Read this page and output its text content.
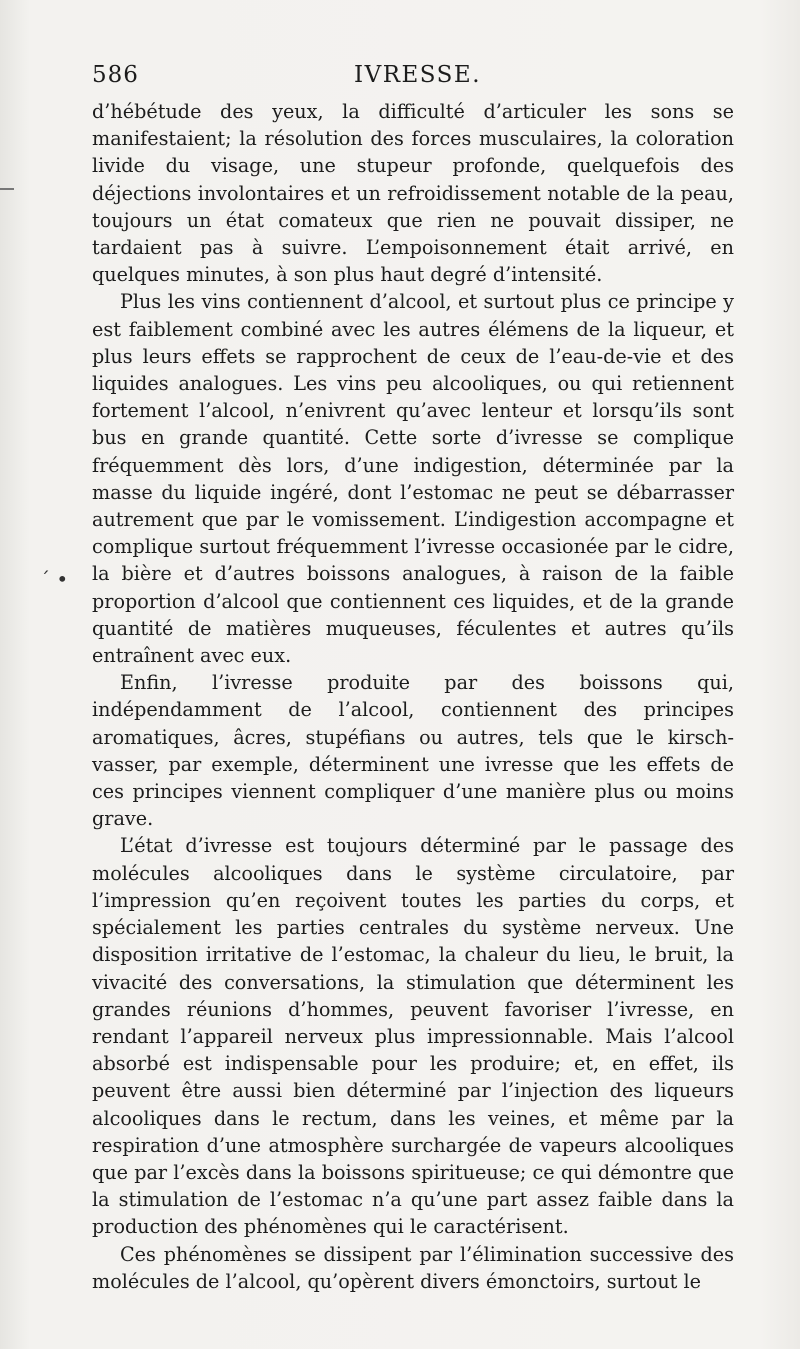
ˊ •
586	IVRESSE.

d’hébétude des yeux, la difficulté d’articuler les sons se manifestaient; la résolution des forces musculaires, la coloration livide du visage, une stupeur profonde, quelquefois des déjections involontaires et un refroidissement notable de la peau, toujours un état comateux que rien ne pouvait dissiper, ne tardaient pas à suivre. L’empoisonnement était arrivé, en quelques minutes, à son plus haut degré d’intensité.

Plus les vins contiennent d’alcool, et surtout plus ce principe y est faiblement combiné avec les autres élémens de la liqueur, et plus leurs effets se rapprochent de ceux de l’eau-de-vie et des liquides analogues. Les vins peu alcooliques, ou qui retiennent fortement l’alcool, n’enivrent qu’avec lenteur et lorsqu’ils sont bus en grande quantité. Cette sorte d’ivresse se complique fréquemment dès lors, d’une indigestion, déterminée par la masse du liquide ingéré, dont l’estomac ne peut se débarrasser autrement que par le vomissement. L’indigestion accompagne et complique surtout fréquemment l’ivresse occasionée par le cidre, la bière et d’autres boissons analogues, à raison de la faible proportion d’alcool que contiennent ces liquides, et de la grande quantité de matières muqueuses, féculentes et autres qu’ils entraînent avec eux.

Enfin, l’ivresse produite par des boissons qui, indépendamment de l’alcool, contiennent des principes aromatiques, âcres, stupéfians ou autres, tels que le kirsch-vasser, par exemple, déterminent une ivresse que les effets de ces principes viennent compliquer d’une manière plus ou moins grave.

L’état d’ivresse est toujours déterminé par le passage des molécules alcooliques dans le système circulatoire, par l’impression qu’en reçoivent toutes les parties du corps, et spécialement les parties centrales du système nerveux. Une disposition irritative de l’estomac, la chaleur du lieu, le bruit, la vivacité des conversations, la stimulation que déterminent les grandes réunions d’hommes, peuvent favoriser l’ivresse, en rendant l’appareil nerveux plus impressionnable. Mais l’alcool absorbé est indispensable pour les produire; et, en effet, ils peuvent être aussi bien déterminé par l’injection des liqueurs alcooliques dans le rectum, dans les veines, et même par la respiration d’une atmosphère surchargée de vapeurs alcooliques que par l’excès dans la boissons spiritueuse; ce qui démontre que la stimulation de l’estomac n’a qu’une part assez faible dans la production des phénomènes qui le caractérisent.

Ces phénomènes se dissipent par l’élimination successive des molécules de l’alcool, qu’opèrent divers émonctoirs, surtout le
